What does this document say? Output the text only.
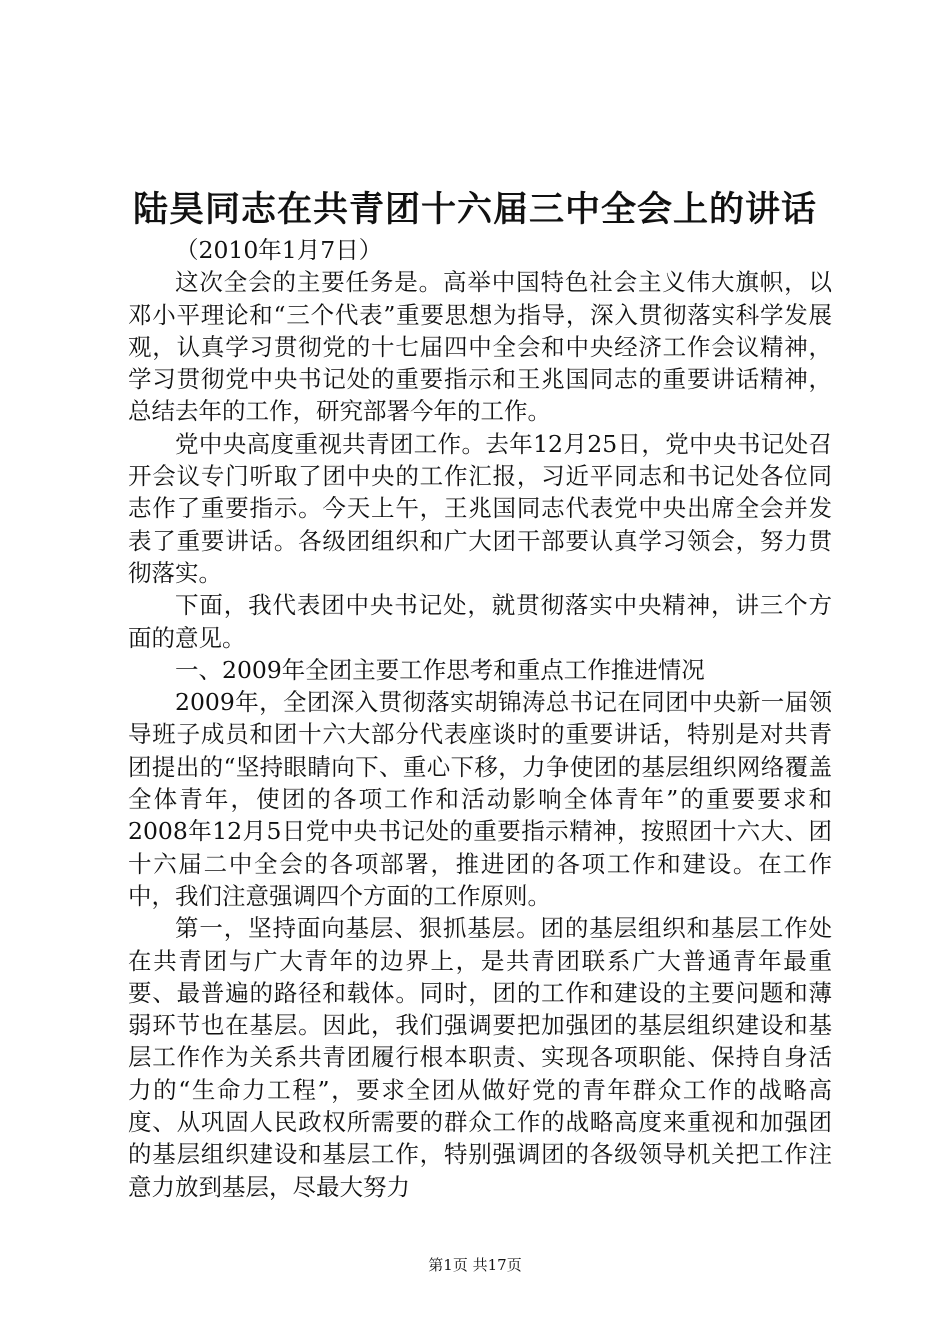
陆昊同志在共青团十六届三中全会上的讲话

（2010年1月7日）

这次全会的主要任务是。高举中国特色社会主义伟大旗帜，以邓小平理论和“三个代表”重要思想为指导，深入贯彻落实科学发展观，认真学习贯彻党的十七届四中全会和中央经济工作会议精神，学习贯彻党中央书记处的重要指示和王兆国同志的重要讲话精神，总结去年的工作，研究部署今年的工作。

党中央高度重视共青团工作。去年12月25日，党中央书记处召开会议专门听取了团中央的工作汇报，习近平同志和书记处各位同志作了重要指示。今天上午，王兆国同志代表党中央出席全会并发表了重要讲话。各级团组织和广大团干部要认真学习领会，努力贯彻落实。

下面，我代表团中央书记处，就贯彻落实中央精神，讲三个方面的意见。

一、2009年全团主要工作思考和重点工作推进情况

2009年，全团深入贯彻落实胡锦涛总书记在同团中央新一届领导班子成员和团十六大部分代表座谈时的重要讲话，特别是对共青团提出的“坚持眼睛向下、重心下移，力争使团的基层组织网络覆盖全体青年，使团的各项工作和活动影响全体青年”的重要要求和2008年12月5日党中央书记处的重要指示精神，按照团十六大、团十六届二中全会的各项部署，推进团的各项工作和建设。在工作中，我们注意强调四个方面的工作原则。

第一，坚持面向基层、狠抓基层。团的基层组织和基层工作处在共青团与广大青年的边界上，是共青团联系广大普通青年最重要、最普遍的路径和载体。同时，团的工作和建设的主要问题和薄弱环节也在基层。因此，我们强调要把加强团的基层组织建设和基层工作作为关系共青团履行根本职责、实现各项职能、保持自身活力的“生命力工程”，要求全团从做好党的青年群众工作的战略高度、从巩固人民政权所需要的群众工作的战略高度来重视和加强团的基层组织建设和基层工作，特别强调团的各级领导机关把工作注意力放到基层，尽最大努力

第1页 共17页
